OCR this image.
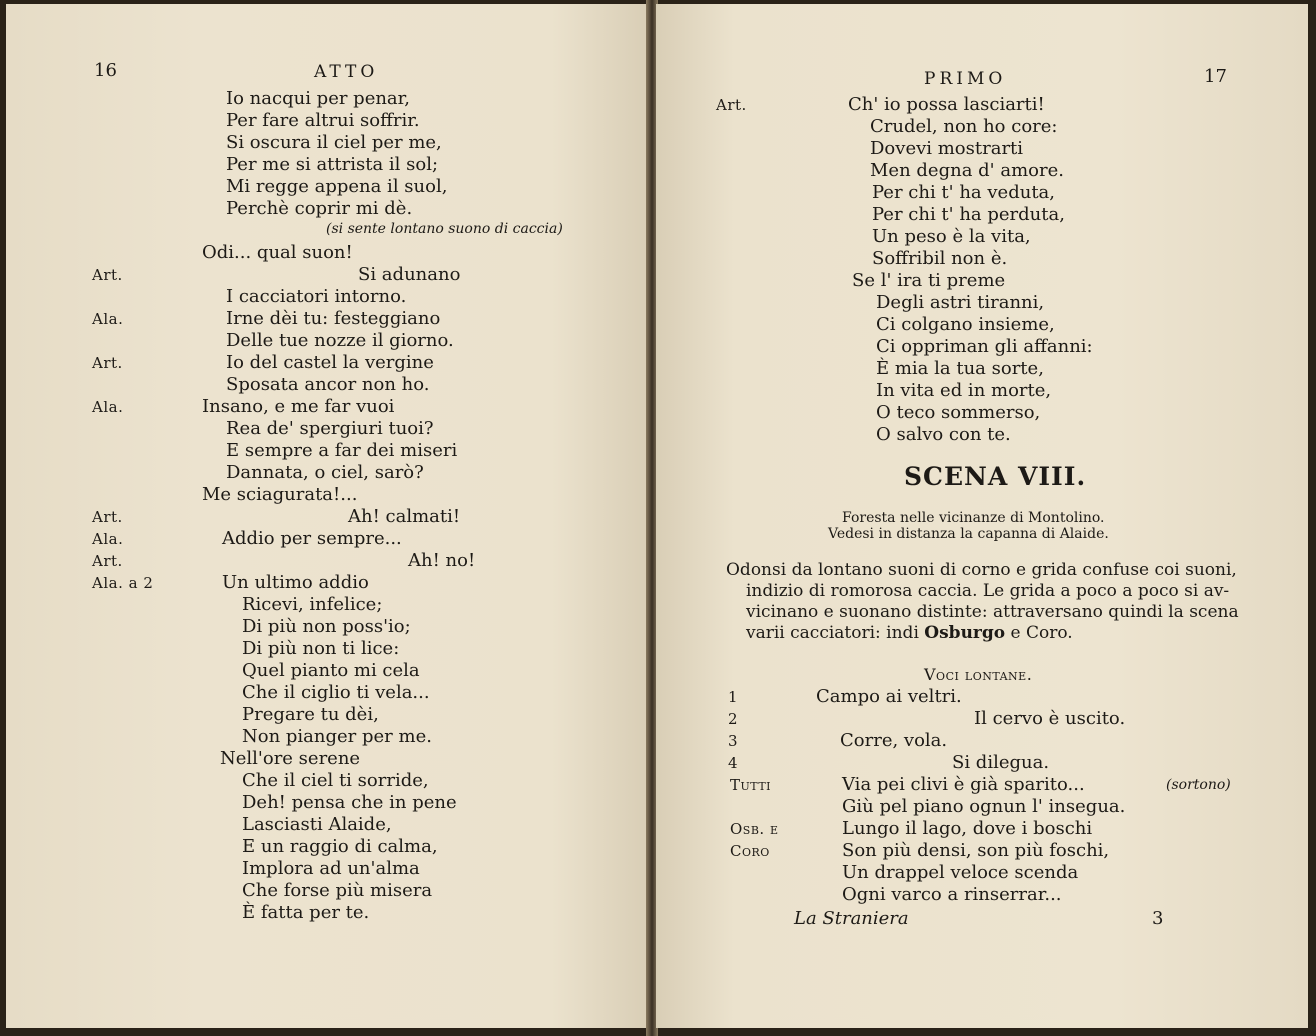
16	ATTO
Io nacqui per penar,
Per fare altrui soffrir.
Si oscura il ciel per me,
Per me si attrista il sol;
Mi regge appena il suol,
Perchè coprir mi dè.
(si sente lontano suono di caccia)
Odi... qual suon!
Art.	Si adunano
I cacciatori intorno.
Ala.	Irne dèi tu: festeggiano
Delle tue nozze il giorno.
Art.	Io del castel la vergine
Sposata ancor non ho.
Ala.	Insano, e me far vuoi
Rea de' spergiuri tuoi?
E sempre a far dei miseri
Dannata, o ciel, sarò?
Me sciagurata!...
Art.	Ah! calmati!
Ala.	Addio per sempre...
Art.	Ah! no!
Ala. a 2	Un ultimo addio
Ricevi, infelice;
Di più non poss'io;
Di più non ti lice:
Quel pianto mi cela
Che il ciglio ti vela...
Pregare tu dèi,
Non pianger per me.
Nell'ore serene
Che il ciel ti sorride,
Deh! pensa che in pene
Lasciasti Alaide,
E un raggio di calma,
Implora ad un'alma
Che forse più misera
È fatta per te.
PRIMO	17
Art.	Ch' io possa lasciarti!
Crudel, non ho core:
Dovevi mostrarti
Men degna d' amore.
Per chi t' ha veduta,
Per chi t' ha perduta,
Un peso è la vita,
Soffribil non è.
Se l' ira ti preme
Degli astri tiranni,
Ci colgano insieme,
Ci oppriman gli affanni:
È mia la tua sorte,
In vita ed in morte,
O teco sommerso,
O salvo con te.
SCENA VIII.
Foresta nelle vicinanze di Montolino.
Vedesi in distanza la capanna di Alaide.
Odonsi da lontano suoni di corno e grida confuse coi suoni,
indizio di romorosa caccia. Le grida a poco a poco si av-
vicinano e suonano distinte: attraversano quindi la scena
varii cacciatori: indi Osburgo e Coro.
Voci lontane.
1	Campo ai veltri.
2	Il cervo è uscito.
3	Corre, vola.
4	Si dilegua.
Tutti	Via pei clivi è già sparito...	(sortono)
Giù pel piano ognun l' insegua.
Osb. e	Lungo il lago, dove i boschi
Coro	Son più densi, son più foschi,
Un drappel veloce scenda
Ogni varco a rinserrar...
La Straniera	3
